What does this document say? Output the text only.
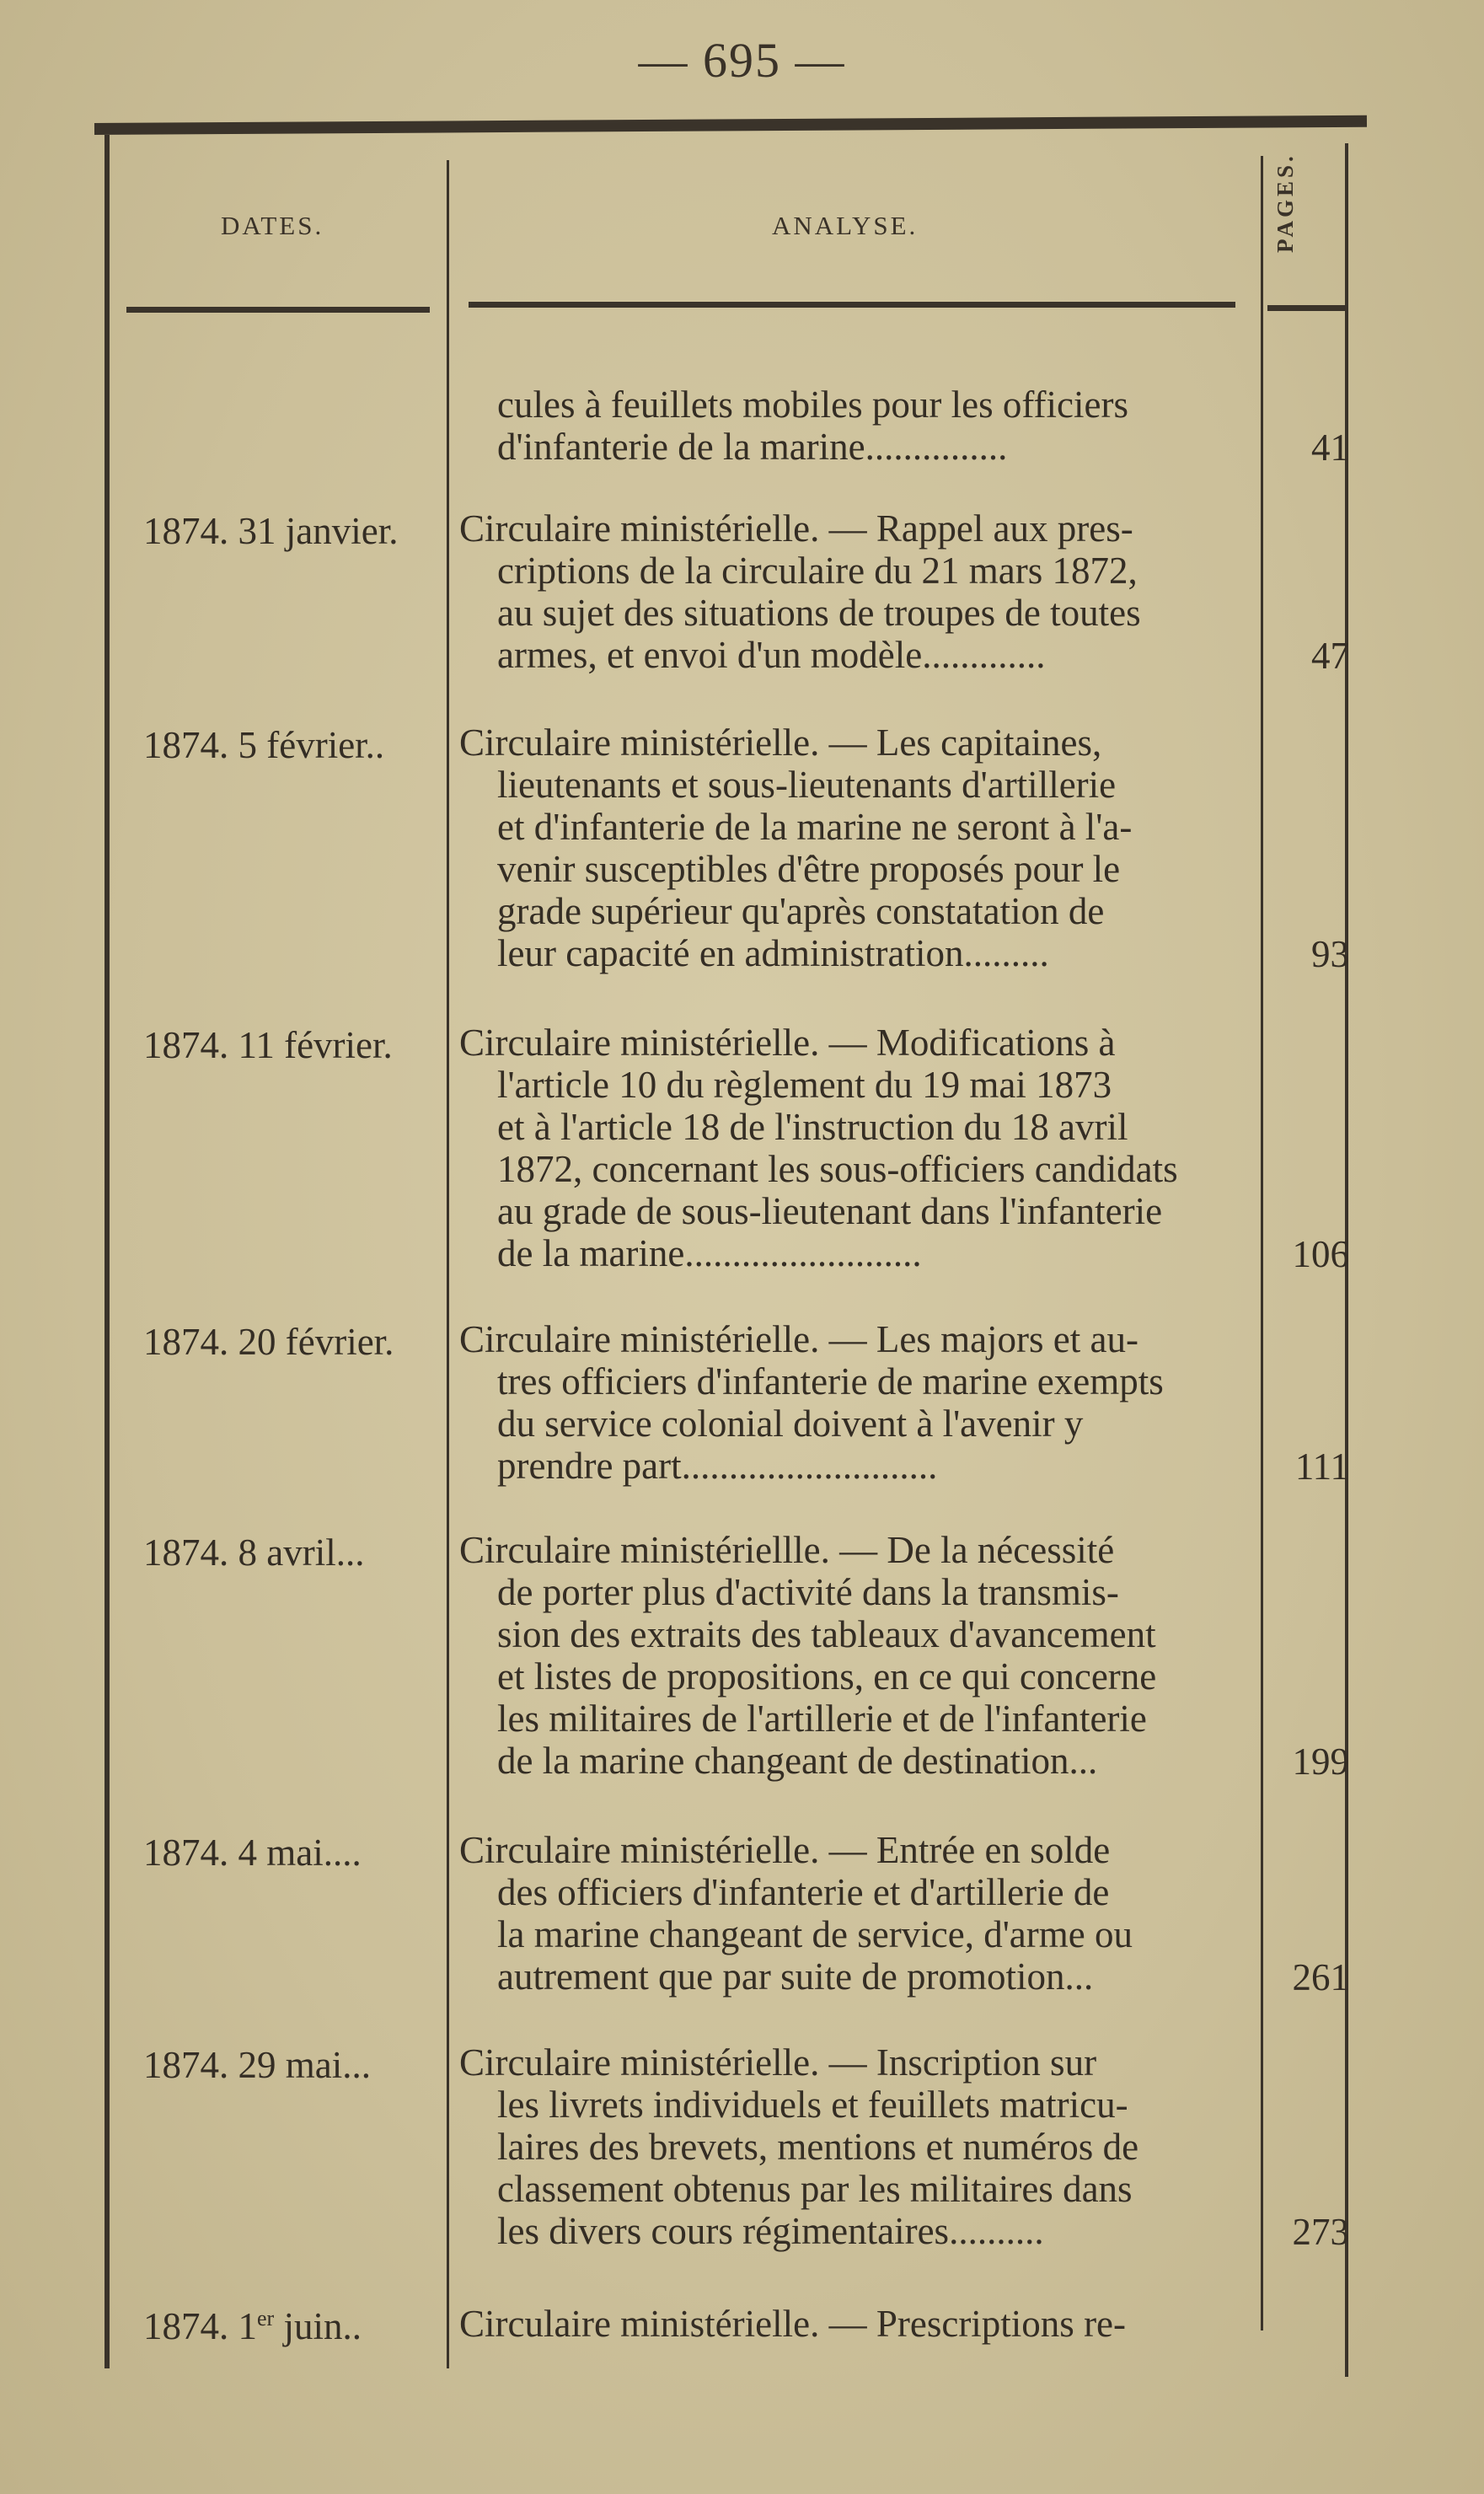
— 695 —
DATES.	ANALYSE.	PAGES.
cules à feuillets mobiles pour les officiers
d'infanterie de la marine...............	41
1874. 31 janvier. Circulaire ministérielle. — Rappel aux pres-
criptions de la circulaire du 21 mars 1872,
au sujet des situations de troupes de toutes
armes, et envoi d'un modèle.............	47
1874. 5 février.. Circulaire ministérielle. — Les capitaines,
lieutenants et sous-lieutenants d'artillerie
et d'infanterie de la marine ne seront à l'a-
venir susceptibles d'être proposés pour le
grade supérieur qu'après constatation de
leur capacité en administration.........	93
1874. 11 février. Circulaire ministérielle. — Modifications à
l'article 10 du règlement du 19 mai 1873
et à l'article 18 de l'instruction du 18 avril
1872, concernant les sous-officiers candidats
au grade de sous-lieutenant dans l'infanterie
de la marine.........................	106
1874. 20 février. Circulaire ministérielle. — Les majors et au-
tres officiers d'infanterie de marine exempts
du service colonial doivent à l'avenir y
prendre part...........................	111
1874. 8 avril...	Circulaire ministériellle. — De la nécessité
de porter plus d'activité dans la transmis-
sion des extraits des tableaux d'avancement
et listes de propositions, en ce qui concerne
les militaires de l'artillerie et de l'infanterie
de la marine changeant de destination...	199
1874. 4 mai....	Circulaire ministérielle. — Entrée en solde
des officiers d'infanterie et d'artillerie de
la marine changeant de service, d'arme ou
autrement que par suite de promotion...	261
1874. 29 mai... Circulaire ministérielle. — Inscription sur
les livrets individuels et feuillets matricu-
laires des brevets, mentions et numéros de
classement obtenus par les militaires dans
les divers cours régimentaires..........	273
1874. 1er juin..	Circulaire ministérielle. — Prescriptions re-
